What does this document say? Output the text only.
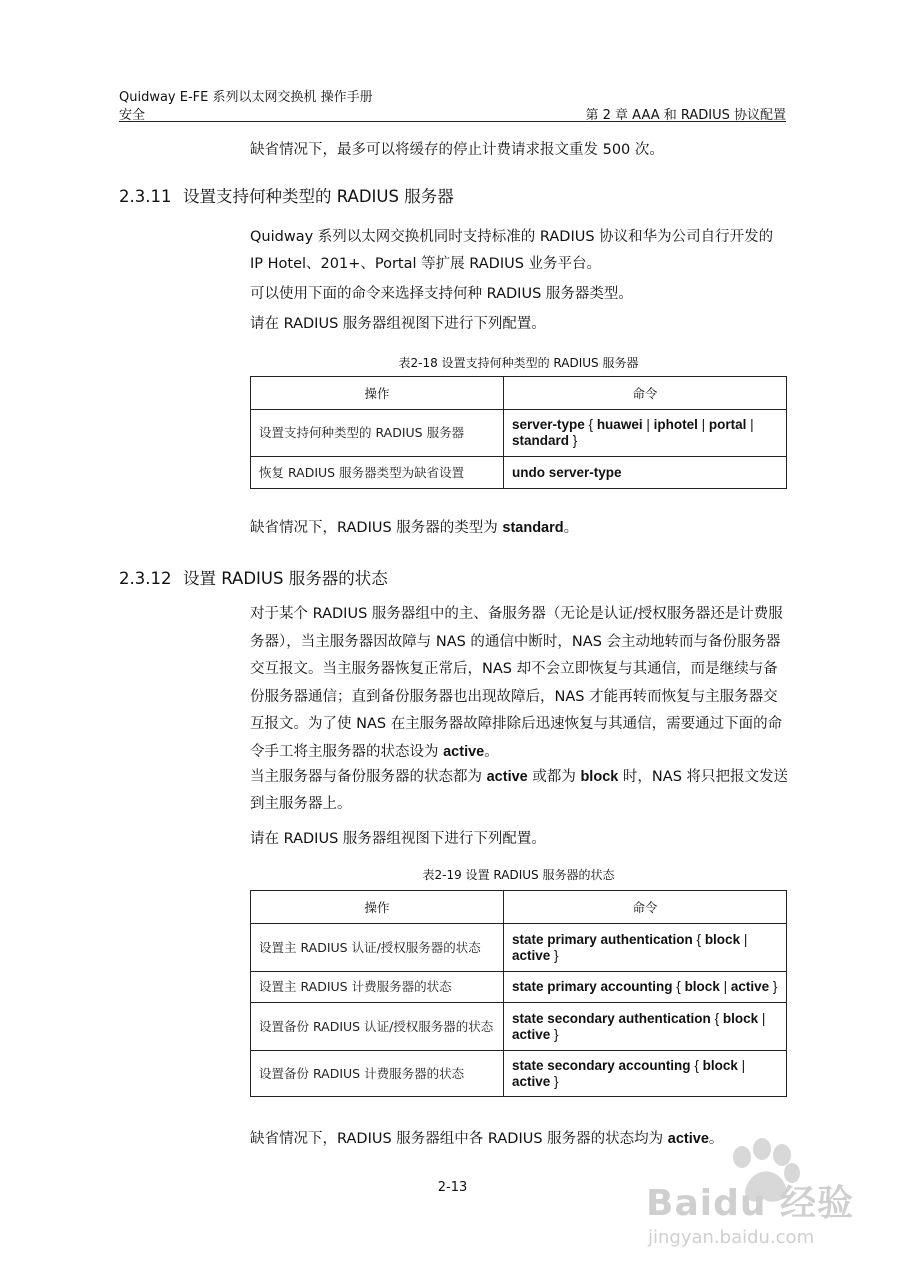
Quidway E-FE 系列以太网交换机 操作手册
安全	第 2 章 AAA 和 RADIUS 协议配置
缺省情况下，最多可以将缓存的停止计费请求报文重发 500 次。
2.3.11 设置支持何种类型的 RADIUS 服务器
Quidway 系列以太网交换机同时支持标准的 RADIUS 协议和华为公司自行开发的 IP Hotel、201+、Portal 等扩展 RADIUS 业务平台。
可以使用下面的命令来选择支持何种 RADIUS 服务器类型。
请在 RADIUS 服务器组视图下进行下列配置。
表2-18 设置支持何种类型的 RADIUS 服务器
操作	命令
设置支持何种类型的 RADIUS 服务器	server-type { huawei | iphotel | portal | standard }
恢复 RADIUS 服务器类型为缺省设置	undo server-type
缺省情况下，RADIUS 服务器的类型为 standard。
2.3.12 设置 RADIUS 服务器的状态
对于某个 RADIUS 服务器组中的主、备服务器（无论是认证/授权服务器还是计费服务器），当主服务器因故障与 NAS 的通信中断时，NAS 会主动地转而与备份服务器交互报文。当主服务器恢复正常后，NAS 却不会立即恢复与其通信，而是继续与备份服务器通信；直到备份服务器也出现故障后，NAS 才能再转而恢复与主服务器交互报文。为了使 NAS 在主服务器故障排除后迅速恢复与其通信，需要通过下面的命令手工将主服务器的状态设为 active。
当主服务器与备份服务器的状态都为 active 或都为 block 时，NAS 将只把报文发送到主服务器上。
请在 RADIUS 服务器组视图下进行下列配置。
表2-19 设置 RADIUS 服务器的状态
操作	命令
设置主 RADIUS 认证/授权服务器的状态	state primary authentication { block | active }
设置主 RADIUS 计费服务器的状态	state primary accounting { block | active }
设置备份 RADIUS 认证/授权服务器的状态	state secondary authentication { block | active }
设置备份 RADIUS 计费服务器的状态	state secondary accounting { block | active }
缺省情况下，RADIUS 服务器组中各 RADIUS 服务器的状态均为 active。
2-13	Baidu 经验
jingyan.baidu.com
